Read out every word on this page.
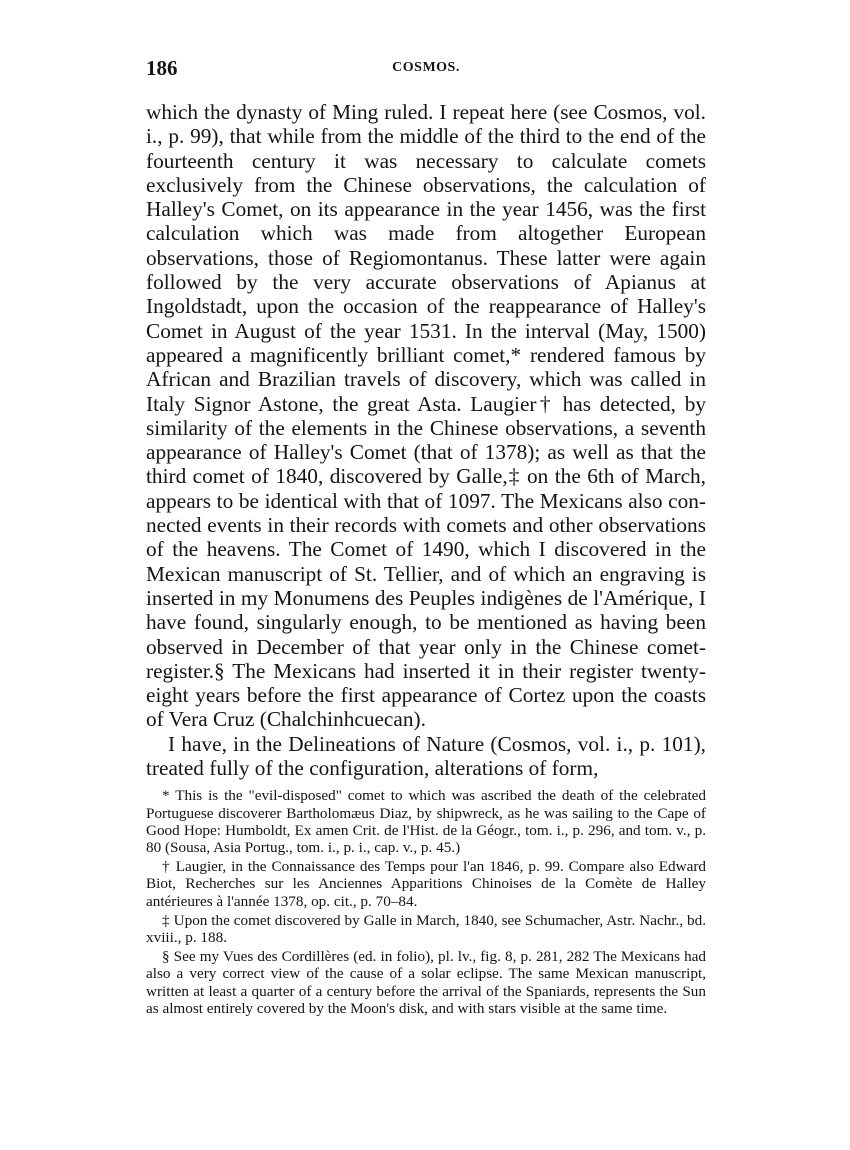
186	COSMOS.

which the dynasty of Ming ruled. I repeat here (see Cosmos, vol. i., p. 99), that while from the middle of the third to the end of the fourteenth century it was necessary to calculate comets exclusively from the Chinese observations, the calculation of Halley's Comet, on its appearance in the year 1456, was the first calculation which was made from altogether European observations, those of Regiomontanus. These latter were again followed by the very accurate observations of Apianus at Ingoldstadt, upon the occasion of the reappearance of Halley's Comet in August of the year 1531. In the interval (May, 1500) appeared a magnificently brilliant comet,* rendered famous by African and Brazilian travels of discovery, which was called in Italy Signor Astone, the great Asta. Laugier† has detected, by similarity of the elements in the Chinese observations, a seventh appearance of Halley's Comet (that of 1378); as well as that the third comet of 1840, discovered by Galle,‡ on the 6th of March, appears to be identical with that of 1097. The Mexicans also connected events in their records with comets and other observations of the heavens. The Comet of 1490, which I discovered in the Mexican manuscript of St. Tellier, and of which an engraving is inserted in my Monumens des Peuples indigènes de l'Amérique, I have found, singularly enough, to be mentioned as having been observed in December of that year only in the Chinese comet-register.§ The Mexicans had inserted it in their register twenty-eight years before the first appearance of Cortez upon the coasts of Vera Cruz (Chalchinhcuecan).

I have, in the Delineations of Nature (Cosmos, vol. i., p. 101), treated fully of the configuration, alterations of form,

* This is the "evil-disposed" comet to which was ascribed the death of the celebrated Portuguese discoverer Bartholomæus Diaz, by shipwreck, as he was sailing to the Cape of Good Hope: Humboldt, Ex amen Crit. de l'Hist. de la Géogr., tom. i., p. 296, and tom. v., p. 80 (Sousa, Asia Portug., tom. i., p. i., cap. v., p. 45.)

† Laugier, in the Connaissance des Temps pour l'an 1846, p. 99. Compare also Edward Biot, Recherches sur les Anciennes Apparitions Chinoises de la Comète de Halley antérieures à l'année 1378, op. cit., p. 70–84.

‡ Upon the comet discovered by Galle in March, 1840, see Schumacher, Astr. Nachr., bd. xviii., p. 188.

§ See my Vues des Cordillères (ed. in folio), pl. lv., fig. 8, p. 281, 282 The Mexicans had also a very correct view of the cause of a solar eclipse. The same Mexican manuscript, written at least a quarter of a century before the arrival of the Spaniards, represents the Sun as almost entirely covered by the Moon's disk, and with stars visible at the same time.
